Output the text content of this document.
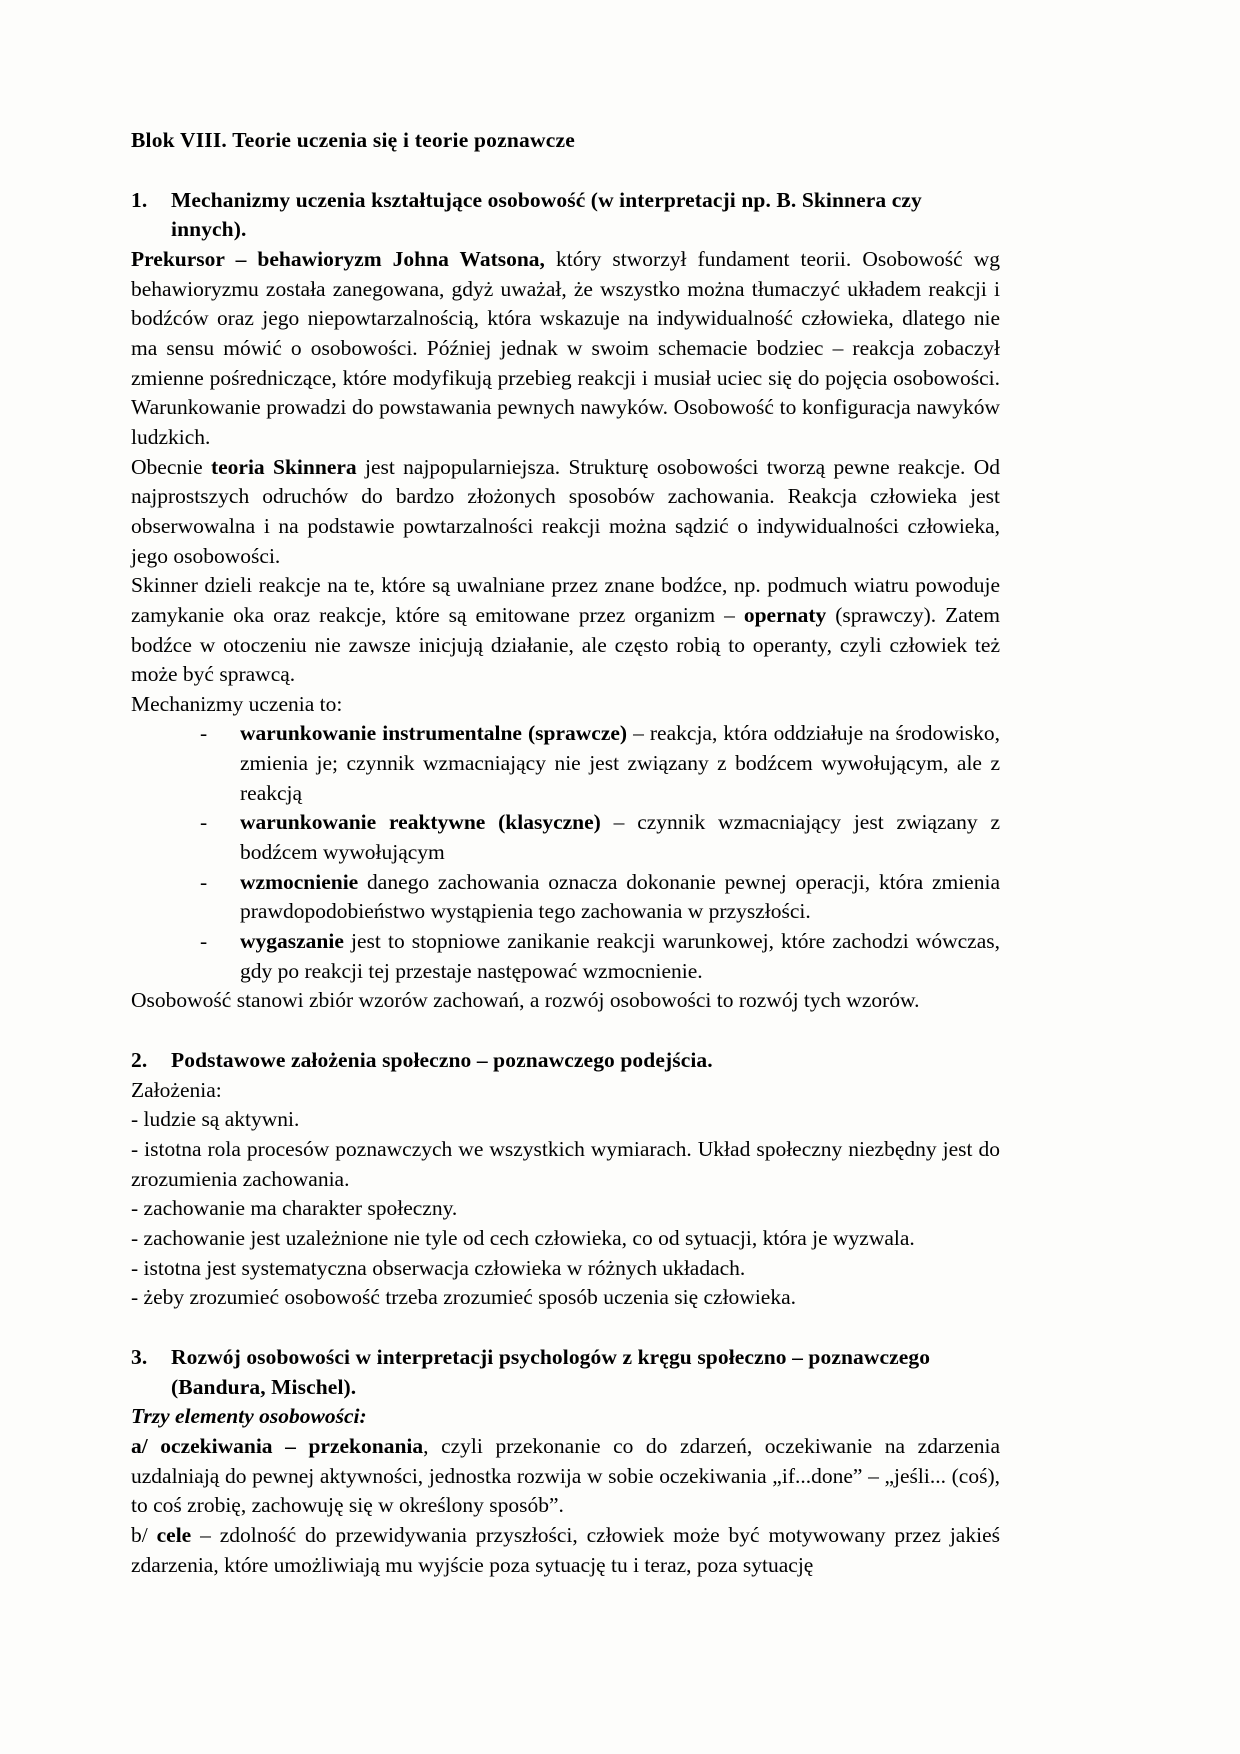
Blok VIII. Teorie uczenia się i teorie poznawcze
1.	Mechanizmy uczenia kształtujące osobowość (w interpretacji np. B. Skinnera czy
innych).

Prekursor – behawioryzm Johna Watsona, który stworzył fundament teorii. Osobowość wg behawioryzmu została zanegowana, gdyż uważał, że wszystko można tłumaczyć układem reakcji i bodźców oraz jego niepowtarzalnością, która wskazuje na indywidualność człowieka, dlatego nie ma sensu mówić o osobowości. Później jednak w swoim schemacie bodziec – reakcja zobaczył zmienne pośredniczące, które modyfikują przebieg reakcji i musiał uciec się do pojęcia osobowości. Warunkowanie prowadzi do powstawania pewnych nawyków. Osobowość to konfiguracja nawyków ludzkich.

Obecnie teoria Skinnera jest najpopularniejsza. Strukturę osobowości tworzą pewne reakcje. Od najprostszych odruchów do bardzo złożonych sposobów zachowania. Reakcja człowieka jest obserwowalna i na podstawie powtarzalności reakcji można sądzić o indywidualności człowieka, jego osobowości.

Skinner dzieli reakcje na te, które są uwalniane przez znane bodźce, np. podmuch wiatru powoduje zamykanie oka oraz reakcje, które są emitowane przez organizm – opernaty (sprawczy). Zatem bodźce w otoczeniu nie zawsze inicjują działanie, ale często robią to operanty, czyli człowiek też może być sprawcą.

Mechanizmy uczenia to:

-	warunkowanie instrumentalne (sprawcze) – reakcja, która oddziałuje na środowisko, zmienia je; czynnik wzmacniający nie jest związany z bodźcem wywołującym, ale z reakcją
-	warunkowanie reaktywne (klasyczne) – czynnik wzmacniający jest związany z bodźcem wywołującym
-	wzmocnienie danego zachowania oznacza dokonanie pewnej operacji, która zmienia prawdopodobieństwo wystąpienia tego zachowania w przyszłości.
-	wygaszanie jest to stopniowe zanikanie reakcji warunkowej, które zachodzi wówczas, gdy po reakcji tej przestaje następować wzmocnienie.

Osobowość stanowi zbiór wzorów zachowań, a rozwój osobowości to rozwój tych wzorów.

2.	Podstawowe założenia społeczno – poznawczego podejścia.

Założenia:

- ludzie są aktywni.

- istotna rola procesów poznawczych we wszystkich wymiarach. Układ społeczny niezbędny jest do zrozumienia zachowania.

- zachowanie ma charakter społeczny.

- zachowanie jest uzależnione nie tyle od cech człowieka, co od sytuacji, która je wyzwala.

- istotna jest systematyczna obserwacja człowieka w różnych układach.

- żeby zrozumieć osobowość trzeba zrozumieć sposób uczenia się człowieka.

3.	Rozwój osobowości w interpretacji psychologów z kręgu społeczno – poznawczego
(Bandura, Mischel).

Trzy elementy osobowości:

a/ oczekiwania – przekonania, czyli przekonanie co do zdarzeń, oczekiwanie na zdarzenia uzdalniają do pewnej aktywności, jednostka rozwija w sobie oczekiwania „if...done” – „jeśli... (coś), to coś zrobię, zachowuję się w określony sposób”.

b/ cele – zdolność do przewidywania przyszłości, człowiek może być motywowany przez jakieś zdarzenia, które umożliwiają mu wyjście poza sytuację tu i teraz, poza sytuację
